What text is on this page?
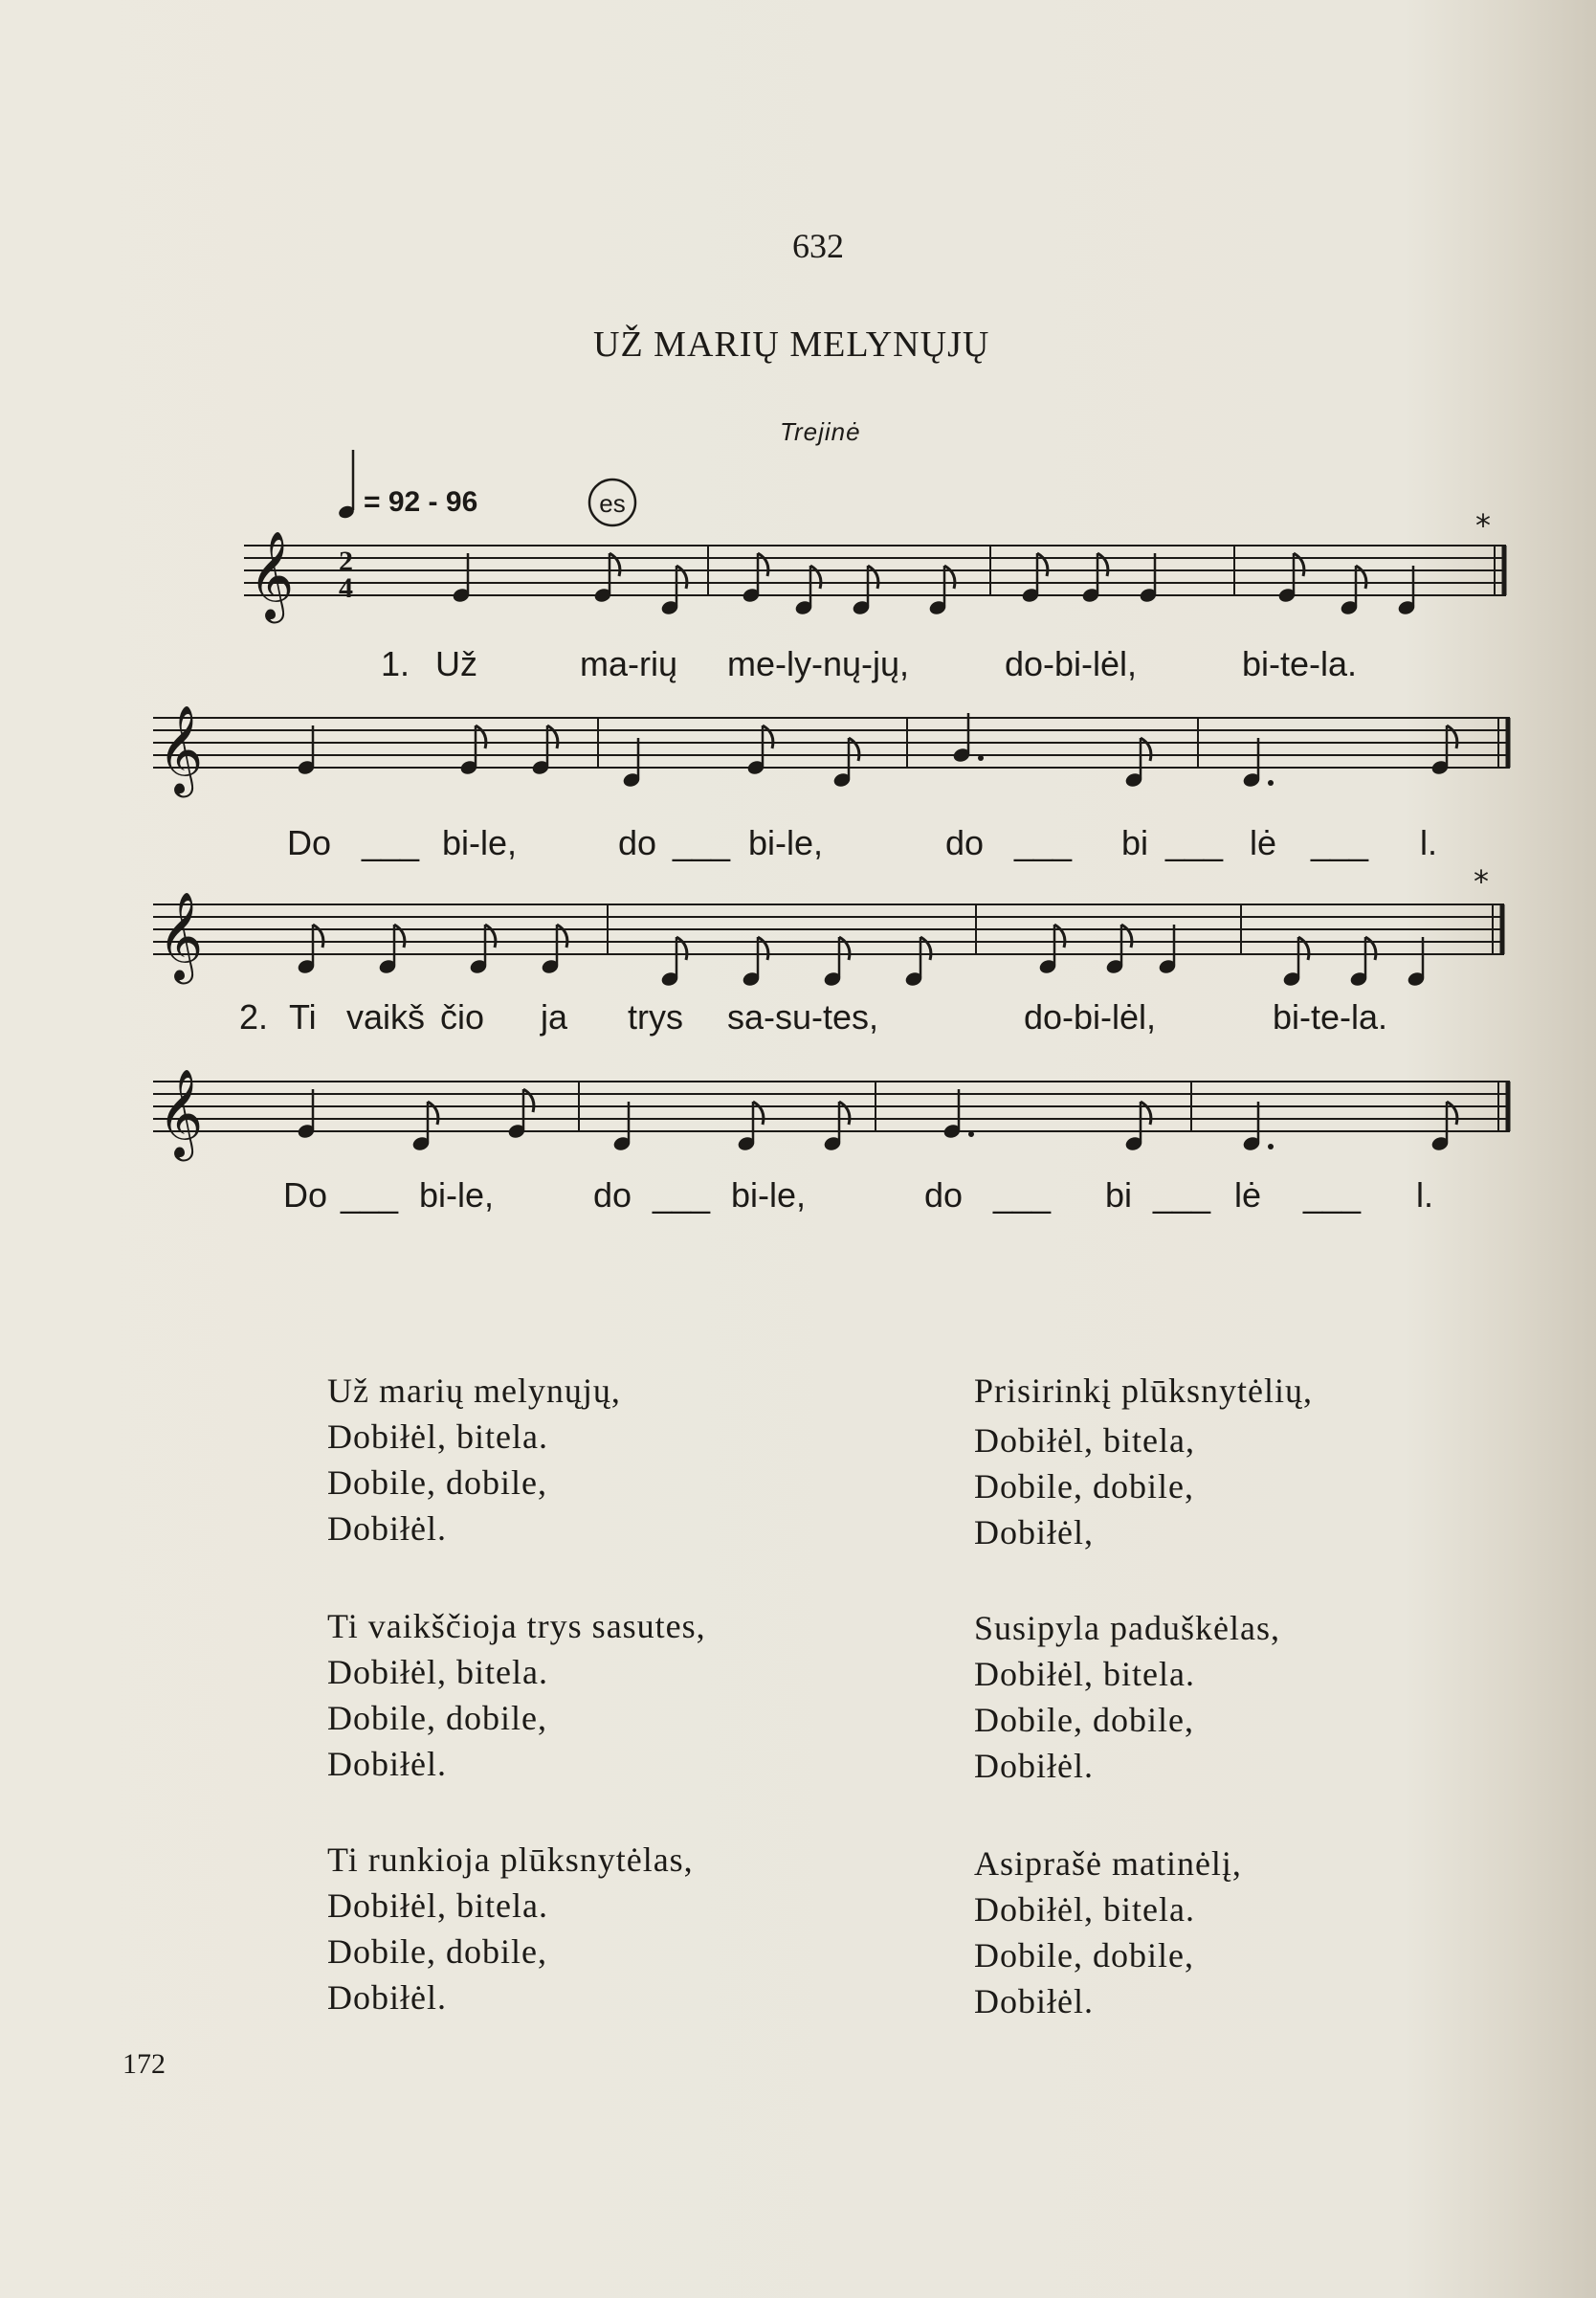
632
UŽ MARIŲ MELYNŲJŲ
Trejinė
es
𝄞 2
4
*
𝄞
𝄞
*
𝄞
= 92 - 96
1. Už	ma-rių me-ly-nų-jų,	do-bi-lėl,	bi-te-la.
Do ___ bi-le,	do ___ bi-le,	do ___ bi ___ lė ___ l.
2. Ti vaikš čio ja trys sa-su-tes,	do-bi-lėl,	bi-te-la.
Do ___ bi-le,	do ___ bi-le,	do ___ bi ___ lė ___ l.
Už marių melynųjų,
Dobiłėl, bitela.
Dobile, dobile,
Dobiłėl.
Ti vaikščioja trys sasutes,
Dobiłėl, bitela.
Dobile, dobile,
Dobiłėl.
Ti runkioja plūksnytėlas,
Dobiłėl, bitela.
Dobile, dobile,
Dobiłėl.
Prisirinkį plūksnytėlių,
Dobiłėl, bitela,
Dobile, dobile,
Dobiłėl,
Susipyla paduškėlas,
Dobiłėl, bitela.
Dobile, dobile,
Dobiłėl.
Asiprašė matinėlį,
Dobiłėl, bitela.
Dobile, dobile,
Dobiłėl.
172
